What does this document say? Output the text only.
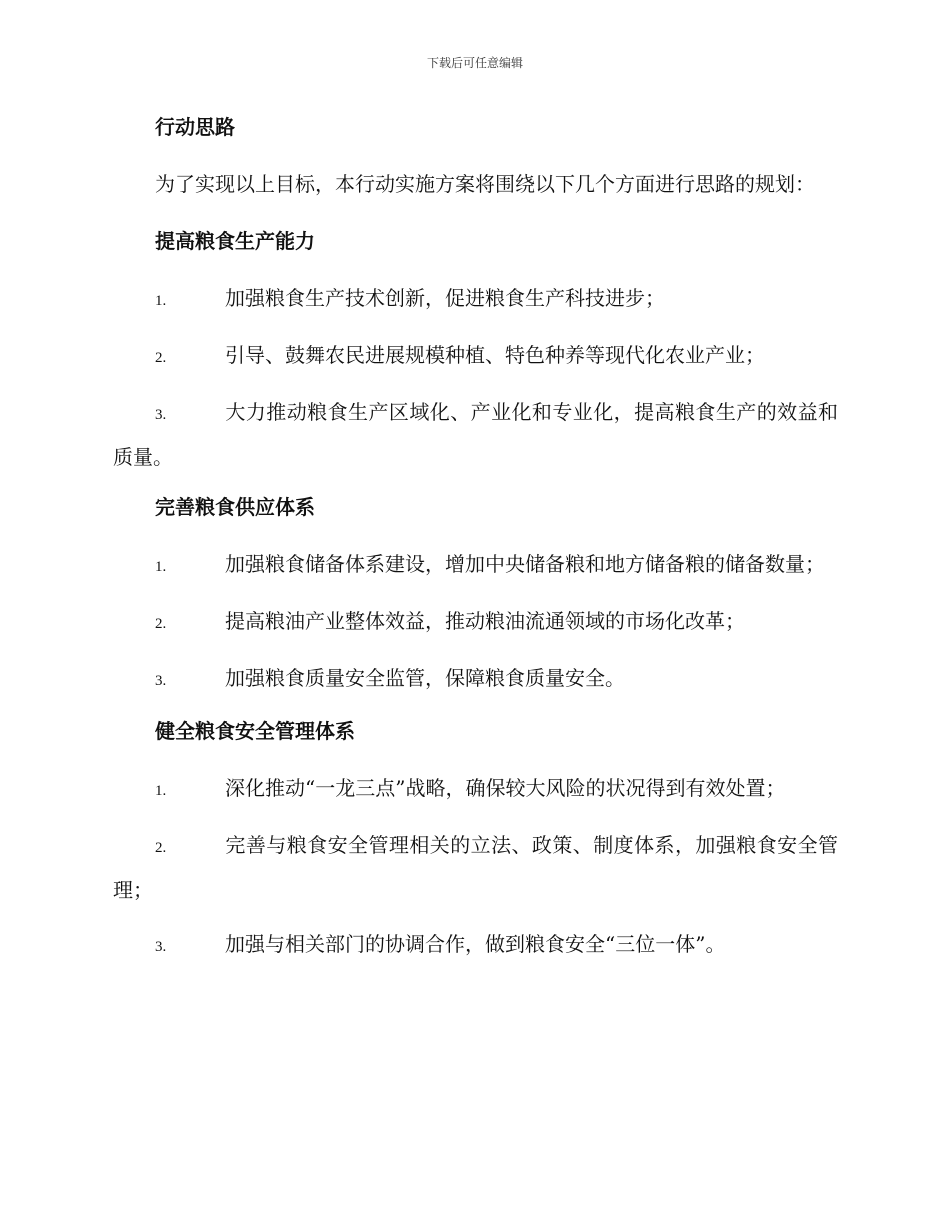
下载后可任意编辑
行动思路
为了实现以上目标，本行动实施方案将围绕以下几个方面进行思路的规划：
提高粮食生产能力
1.	加强粮食生产技术创新，促进粮食生产科技进步；
2.	引导、鼓舞农民进展规模种植、特色种养等现代化农业产业；
3.	大力推动粮食生产区域化、产业化和专业化，提高粮食生产的效益和质量。
完善粮食供应体系
1.	加强粮食储备体系建设，增加中央储备粮和地方储备粮的储备数量；
2.	提高粮油产业整体效益，推动粮油流通领域的市场化改革；
3.	加强粮食质量安全监管，保障粮食质量安全。
健全粮食安全管理体系
1.	深化推动“一龙三点”战略，确保较大风险的状况得到有效处置；
2.	完善与粮食安全管理相关的立法、政策、制度体系，加强粮食安全管理；
3.	加强与相关部门的协调合作，做到粮食安全“三位一体”。
